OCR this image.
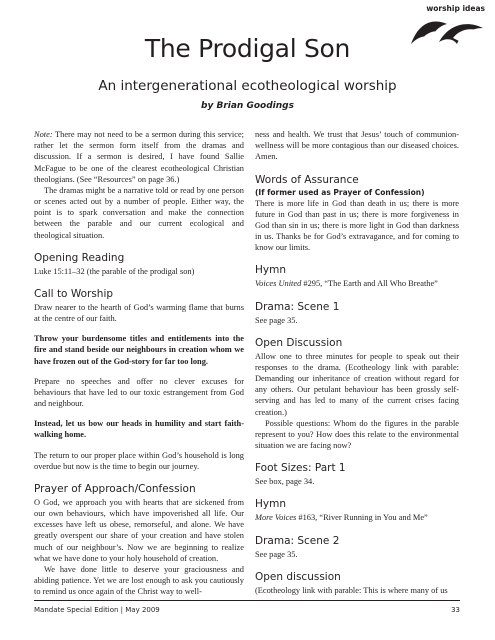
worship ideas
The Prodigal Son
An intergenerational ecotheological worship
by Brian Goodings

Note: There may not need to be a sermon during this service; rather let the sermon form itself from the dramas and discussion. If a sermon is desired, I have found Sallie McFague to be one of the clearest ecotheological Christian theologians. (See “Resources” on page 36.)

The dramas might be a narrative told or read by one person or scenes acted out by a number of people. Either way, the point is to spark conversation and make the connection between the parable and our current ecological and theological situation.

Opening Reading

Luke 15:11–32 (the parable of the prodigal son)

Call to Worship

Draw nearer to the hearth of God’s warming flame that burns at the centre of our faith.

Throw your burdensome titles and entitlements into the fire and stand beside our neighbours in creation whom we have frozen out of the God-story for far too long.

Prepare no speeches and offer no clever excuses for behaviours that have led to our toxic estrangement from God and neighbour.

Instead, let us bow our heads in humility and start faith-walking home.

The return to our proper place within God’s household is long overdue but now is the time to begin our journey.

Prayer of Approach/Confession

O God, we approach you with hearts that are sickened from our own behaviours, which have impoverished all life. Our excesses have left us obese, remorseful, and alone. We have greatly overspent our share of your creation and have stolen much of our neighbour’s. Now we are beginning to realize what we have done to your holy household of creation.

We have done little to deserve your graciousness and abiding patience. Yet we are lost enough to ask you cautiously to remind us once again of the Christ way to well-

ness and health. We trust that Jesus’ touch of communion-wellness will be more contagious than our diseased choices. Amen.

Words of Assurance
(If former used as Prayer of Confession)

There is more life in God than death in us; there is more future in God than past in us; there is more forgiveness in God than sin in us; there is more light in God than darkness in us. Thanks be for God’s extravagance, and for coming to know our limits.

Hymn

Voices United #295, “The Earth and All Who Breathe”

Drama: Scene 1

See page 35.

Open Discussion

Allow one to three minutes for people to speak out their responses to the drama. (Ecotheology link with parable: Demanding our inheritance of creation without regard for any others. Our petulant behaviour has been grossly self-serving and has led to many of the current crises facing creation.)

Possible questions: Whom do the figures in the parable represent to you? How does this relate to the environmental situation we are facing now?

Foot Sizes: Part 1

See box, page 34.

Hymn

More Voices #163, “River Running in You and Me”

Drama: Scene 2

See page 35.

Open discussion

(Ecotheology link with parable: This is where many of us

Mandate Special Edition | May 2009	33
